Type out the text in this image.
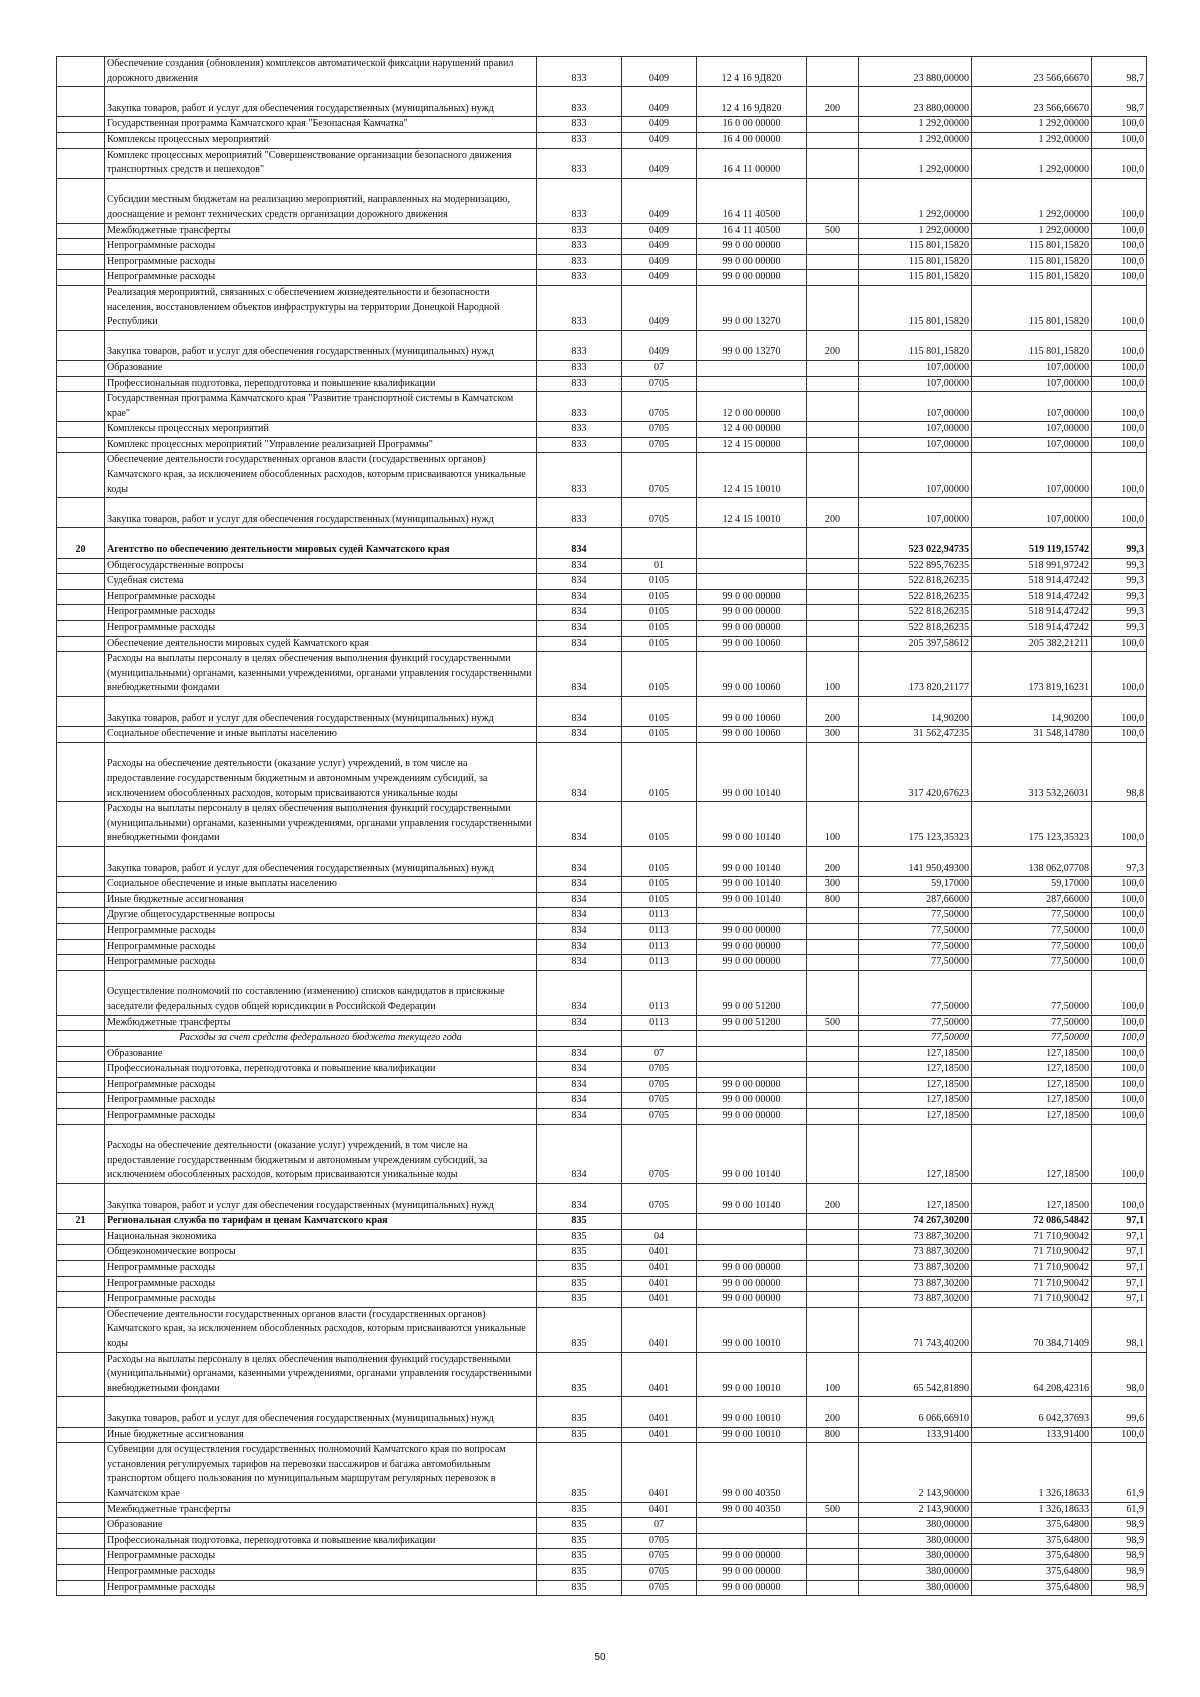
	Обеспечение создания (обновления) комплексов автоматической фиксации нарушений правил дорожного движения	833	0409	12 4 16 9Д820		23 880,00000	23 566,66670	98,7
	Закупка товаров, работ и услуг для обеспечения государственных (муниципальных) нужд	833	0409	12 4 16 9Д820	200	23 880,00000	23 566,66670	98,7
	Государственная программа Камчатского края "Безопасная Камчатка"	833	0409	16 0 00 00000		1 292,00000	1 292,00000	100,0
	Комплексы процессных мероприятий	833	0409	16 4 00 00000		1 292,00000	1 292,00000	100,0
	Комплекс процессных мероприятий "Совершенствование организации безопасного движения транспортных средств и пешеходов"	833	0409	16 4 11 00000		1 292,00000	1 292,00000	100,0
	Субсидии местным бюджетам на реализацию мероприятий, направленных на модернизацию, дооснащение и ремонт технических средств организации дорожного движения	833	0409	16 4 11 40500		1 292,00000	1 292,00000	100,0
	Межбюджетные трансферты	833	0409	16 4 11 40500	500	1 292,00000	1 292,00000	100,0
	Непрограммные расходы	833	0409	99 0 00 00000		115 801,15820	115 801,15820	100,0
	Непрограммные расходы	833	0409	99 0 00 00000		115 801,15820	115 801,15820	100,0
	Непрограммные расходы	833	0409	99 0 00 00000		115 801,15820	115 801,15820	100,0
	Реализация мероприятий, связанных с обеспечением жизнедеятельности и безопасности населения, восстановлением объектов инфраструктуры на территории Донецкой Народной Республики	833	0409	99 0 00 13270		115 801,15820	115 801,15820	100,0
	Закупка товаров, работ и услуг для обеспечения государственных (муниципальных) нужд	833	0409	99 0 00 13270	200	115 801,15820	115 801,15820	100,0
	Образование	833	07			107,00000	107,00000	100,0
	Профессиональная подготовка, переподготовка и повышение квалификации	833	0705			107,00000	107,00000	100,0
	Государственная программа Камчатского края "Развитие транспортной системы в Камчатском крае"	833	0705	12 0 00 00000		107,00000	107,00000	100,0
	Комплексы процессных мероприятий	833	0705	12 4 00 00000		107,00000	107,00000	100,0
	Комплекс процессных мероприятий "Управление реализацией Программы"	833	0705	12 4 15 00000		107,00000	107,00000	100,0
	Обеспечение деятельности государственных органов власти (государственных органов) Камчатского края, за исключением обособленных расходов, которым присваиваются уникальные коды	833	0705	12 4 15 10010		107,00000	107,00000	100,0
	Закупка товаров, работ и услуг для обеспечения государственных (муниципальных) нужд	833	0705	12 4 15 10010	200	107,00000	107,00000	100,0
20	Агентство по обеспечению деятельности мировых судей Камчатского края	834				523 022,94735	519 119,15742	99,3
	Общегосударственные вопросы	834	01			522 895,76235	518 991,97242	99,3
	Судебная система	834	0105			522 818,26235	518 914,47242	99,3
	Непрограммные расходы	834	0105	99 0 00 00000		522 818,26235	518 914,47242	99,3
	Непрограммные расходы	834	0105	99 0 00 00000		522 818,26235	518 914,47242	99,3
	Непрограммные расходы	834	0105	99 0 00 00000		522 818,26235	518 914,47242	99,3
	Обеспечение деятельности мировых судей Камчатского края	834	0105	99 0 00 10060		205 397,58612	205 382,21211	100,0
	Расходы на выплаты персоналу в целях обеспечения выполнения функций государственными (муниципальными) органами, казенными учреждениями, органами управления государственными внебюджетными фондами	834	0105	99 0 00 10060	100	173 820,21177	173 819,16231	100,0
	Закупка товаров, работ и услуг для обеспечения государственных (муниципальных) нужд	834	0105	99 0 00 10060	200	14,90200	14,90200	100,0
	Социальное обеспечение и иные выплаты населению	834	0105	99 0 00 10060	300	31 562,47235	31 548,14780	100,0
	Расходы на обеспечение деятельности (оказание услуг) учреждений, в том числе на предоставление государственным бюджетным и автономным учреждениям субсидий, за исключением обособленных расходов, которым присваиваются уникальные коды	834	0105	99 0 00 10140		317 420,67623	313 532,26031	98,8
	Расходы на выплаты персоналу в целях обеспечения выполнения функций государственными (муниципальными) органами, казенными учреждениями, органами управления государственными внебюджетными фондами	834	0105	99 0 00 10140	100	175 123,35323	175 123,35323	100,0
	Закупка товаров, работ и услуг для обеспечения государственных (муниципальных) нужд	834	0105	99 0 00 10140	200	141 950,49300	138 062,07708	97,3
	Социальное обеспечение и иные выплаты населению	834	0105	99 0 00 10140	300	59,17000	59,17000	100,0
	Иные бюджетные ассигнования	834	0105	99 0 00 10140	800	287,66000	287,66000	100,0
	Другие общегосударственные вопросы	834	0113			77,50000	77,50000	100,0
	Непрограммные расходы	834	0113	99 0 00 00000		77,50000	77,50000	100,0
	Непрограммные расходы	834	0113	99 0 00 00000		77,50000	77,50000	100,0
	Непрограммные расходы	834	0113	99 0 00 00000		77,50000	77,50000	100,0
	Осуществление полномочий по составлению (изменению) списков кандидатов в присяжные заседатели федеральных судов общей юрисдикции в Российской Федерации	834	0113	99 0 00 51200		77,50000	77,50000	100,0
	Межбюджетные трансферты	834	0113	99 0 00 51200	500	77,50000	77,50000	100,0
	Расходы за счет средств федерального бюджета текущего года					77,50000	77,50000	100,0
	Образование	834	07			127,18500	127,18500	100,0
	Профессиональная подготовка, переподготовка и повышение квалификации	834	0705			127,18500	127,18500	100,0
	Непрограммные расходы	834	0705	99 0 00 00000		127,18500	127,18500	100,0
	Непрограммные расходы	834	0705	99 0 00 00000		127,18500	127,18500	100,0
	Непрограммные расходы	834	0705	99 0 00 00000		127,18500	127,18500	100,0
	Расходы на обеспечение деятельности (оказание услуг) учреждений, в том числе на предоставление государственным бюджетным и автономным учреждениям субсидий, за исключением обособленных расходов, которым присваиваются уникальные коды	834	0705	99 0 00 10140		127,18500	127,18500	100,0
	Закупка товаров, работ и услуг для обеспечения государственных (муниципальных) нужд	834	0705	99 0 00 10140	200	127,18500	127,18500	100,0
21	Региональная служба по тарифам и ценам Камчатского края	835				74 267,30200	72 086,54842	97,1
	Национальная экономика	835	04			73 887,30200	71 710,90042	97,1
	Общеэкономические вопросы	835	0401			73 887,30200	71 710,90042	97,1
	Непрограммные расходы	835	0401	99 0 00 00000		73 887,30200	71 710,90042	97,1
	Непрограммные расходы	835	0401	99 0 00 00000		73 887,30200	71 710,90042	97,1
	Непрограммные расходы	835	0401	99 0 00 00000		73 887,30200	71 710,90042	97,1
	Обеспечение деятельности государственных органов власти (государственных органов) Камчатского края, за исключением обособленных расходов, которым присваиваются уникальные коды	835	0401	99 0 00 10010		71 743,40200	70 384,71409	98,1
	Расходы на выплаты персоналу в целях обеспечения выполнения функций государственными (муниципальными) органами, казенными учреждениями, органами управления государственными внебюджетными фондами	835	0401	99 0 00 10010	100	65 542,81890	64 208,42316	98,0
	Закупка товаров, работ и услуг для обеспечения государственных (муниципальных) нужд	835	0401	99 0 00 10010	200	6 066,66910	6 042,37693	99,6
	Иные бюджетные ассигнования	835	0401	99 0 00 10010	800	133,91400	133,91400	100,0
	Субвенции для осуществления государственных полномочий Камчатского края по вопросам установления регулируемых тарифов на перевозки пассажиров и багажа автомобильным транспортом общего пользования по муниципальным маршрутам регулярных перевозок в Камчатском крае	835	0401	99 0 00 40350		2 143,90000	1 326,18633	61,9
	Межбюджетные трансферты	835	0401	99 0 00 40350	500	2 143,90000	1 326,18633	61,9
	Образование	835	07			380,00000	375,64800	98,9
	Профессиональная подготовка, переподготовка и повышение квалификации	835	0705			380,00000	375,64800	98,9
	Непрограммные расходы	835	0705	99 0 00 00000		380,00000	375,64800	98,9
	Непрограммные расходы	835	0705	99 0 00 00000		380,00000	375,64800	98,9
	Непрограммные расходы	835	0705	99 0 00 00000		380,00000	375,64800	98,9
50
